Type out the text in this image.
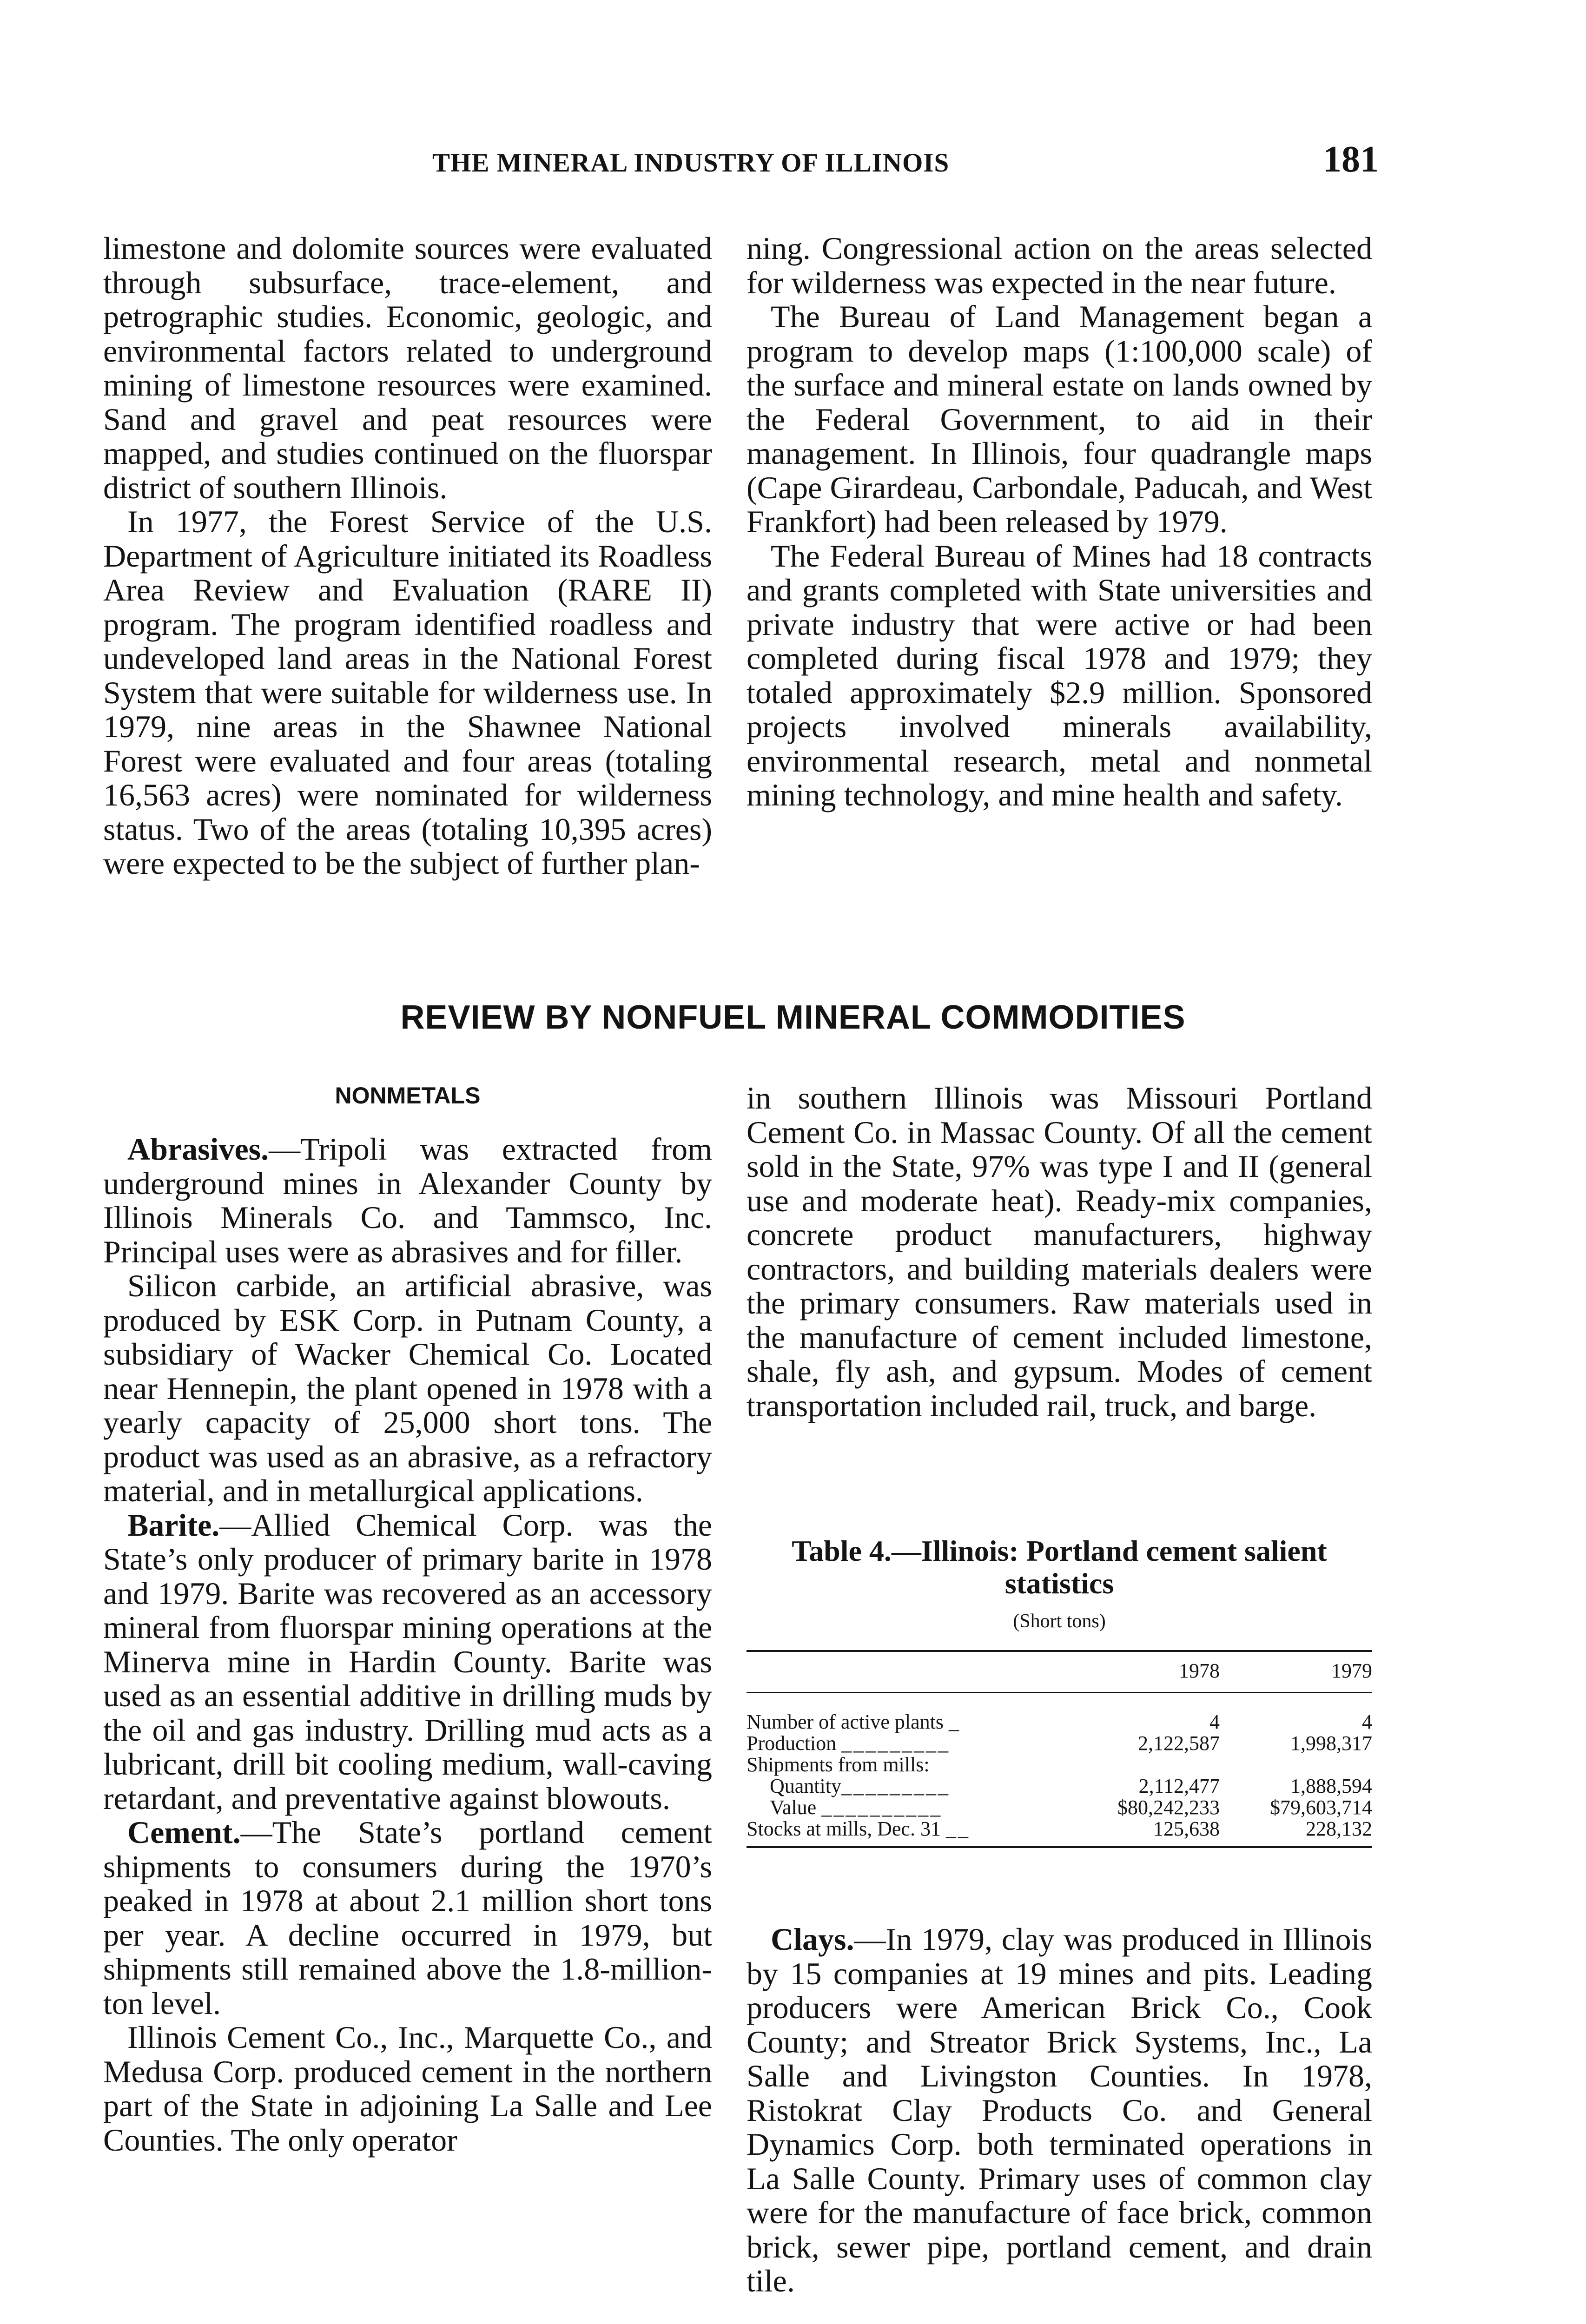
THE MINERAL INDUSTRY OF ILLINOIS	181

limestone and dolomite sources were evaluated through subsurface, trace-element, and petrographic studies. Economic, geologic, and environmental factors related to underground mining of limestone resources were examined. Sand and gravel and peat resources were mapped, and studies continued on the fluorspar district of southern Illinois.

In 1977, the Forest Service of the U.S. Department of Agriculture initiated its Roadless Area Review and Evaluation (RARE II) program. The program identified roadless and undeveloped land areas in the National Forest System that were suitable for wilderness use. In 1979, nine areas in the Shawnee National Forest were evaluated and four areas (totaling 16,563 acres) were nominated for wilderness status. Two of the areas (totaling 10,395 acres) were expected to be the subject of further plan-

ning. Congressional action on the areas selected for wilderness was expected in the near future.

The Bureau of Land Management began a program to develop maps (1:100,000 scale) of the surface and mineral estate on lands owned by the Federal Government, to aid in their management. In Illinois, four quadrangle maps (Cape Girardeau, Carbondale, Paducah, and West Frankfort) had been released by 1979.

The Federal Bureau of Mines had 18 contracts and grants completed with State universities and private industry that were active or had been completed during fiscal 1978 and 1979; they totaled approximately $2.9 million. Sponsored projects involved minerals availability, environmental research, metal and nonmetal mining technology, and mine health and safety.

REVIEW BY NONFUEL MINERAL COMMODITIES
NONMETALS

Abrasives.—Tripoli was extracted from underground mines in Alexander County by Illinois Minerals Co. and Tammsco, Inc. Principal uses were as abrasives and for filler.

Silicon carbide, an artificial abrasive, was produced by ESK Corp. in Putnam County, a subsidiary of Wacker Chemical Co. Located near Hennepin, the plant opened in 1978 with a yearly capacity of 25,000 short tons. The product was used as an abrasive, as a refractory material, and in metallurgical applications.

Barite.—Allied Chemical Corp. was the State’s only producer of primary barite in 1978 and 1979. Barite was recovered as an accessory mineral from fluorspar mining operations at the Minerva mine in Hardin County. Barite was used as an essential additive in drilling muds by the oil and gas industry. Drilling mud acts as a lubricant, drill bit cooling medium, wall-caving retardant, and preventative against blowouts.

Cement.—The State’s portland cement shipments to consumers during the 1970’s peaked in 1978 at about 2.1 million short tons per year. A decline occurred in 1979, but shipments still remained above the 1.8-million-ton level.

Illinois Cement Co., Inc., Marquette Co., and Medusa Corp. produced cement in the northern part of the State in adjoining La Salle and Lee Counties. The only operator

in southern Illinois was Missouri Portland Cement Co. in Massac County. Of all the cement sold in the State, 97% was type I and II (general use and moderate heat). Ready-mix companies, concrete product manufacturers, highway contractors, and building materials dealers were the primary consumers. Raw materials used in the manufacture of cement included limestone, shale, fly ash, and gypsum. Modes of cement transportation included rail, truck, and barge.

Table 4.—Illinois: Portland cement salient statistics
(Short tons)
	1978	1979
Number of active plants _	4	4
Production _________	2,122,587	1,998,317
Shipments from mills:		
Quantity_________	2,112,477	1,888,594
Value __________	$80,242,233	$79,603,714
Stocks at mills, Dec. 31 __	125,638	228,132

Clays.—In 1979, clay was produced in Illinois by 15 companies at 19 mines and pits. Leading producers were American Brick Co., Cook County; and Streator Brick Systems, Inc., La Salle and Livingston Counties. In 1978, Ristokrat Clay Products Co. and General Dynamics Corp. both terminated operations in La Salle County. Primary uses of common clay were for the manufacture of face brick, common brick, sewer pipe, portland cement, and drain tile.
